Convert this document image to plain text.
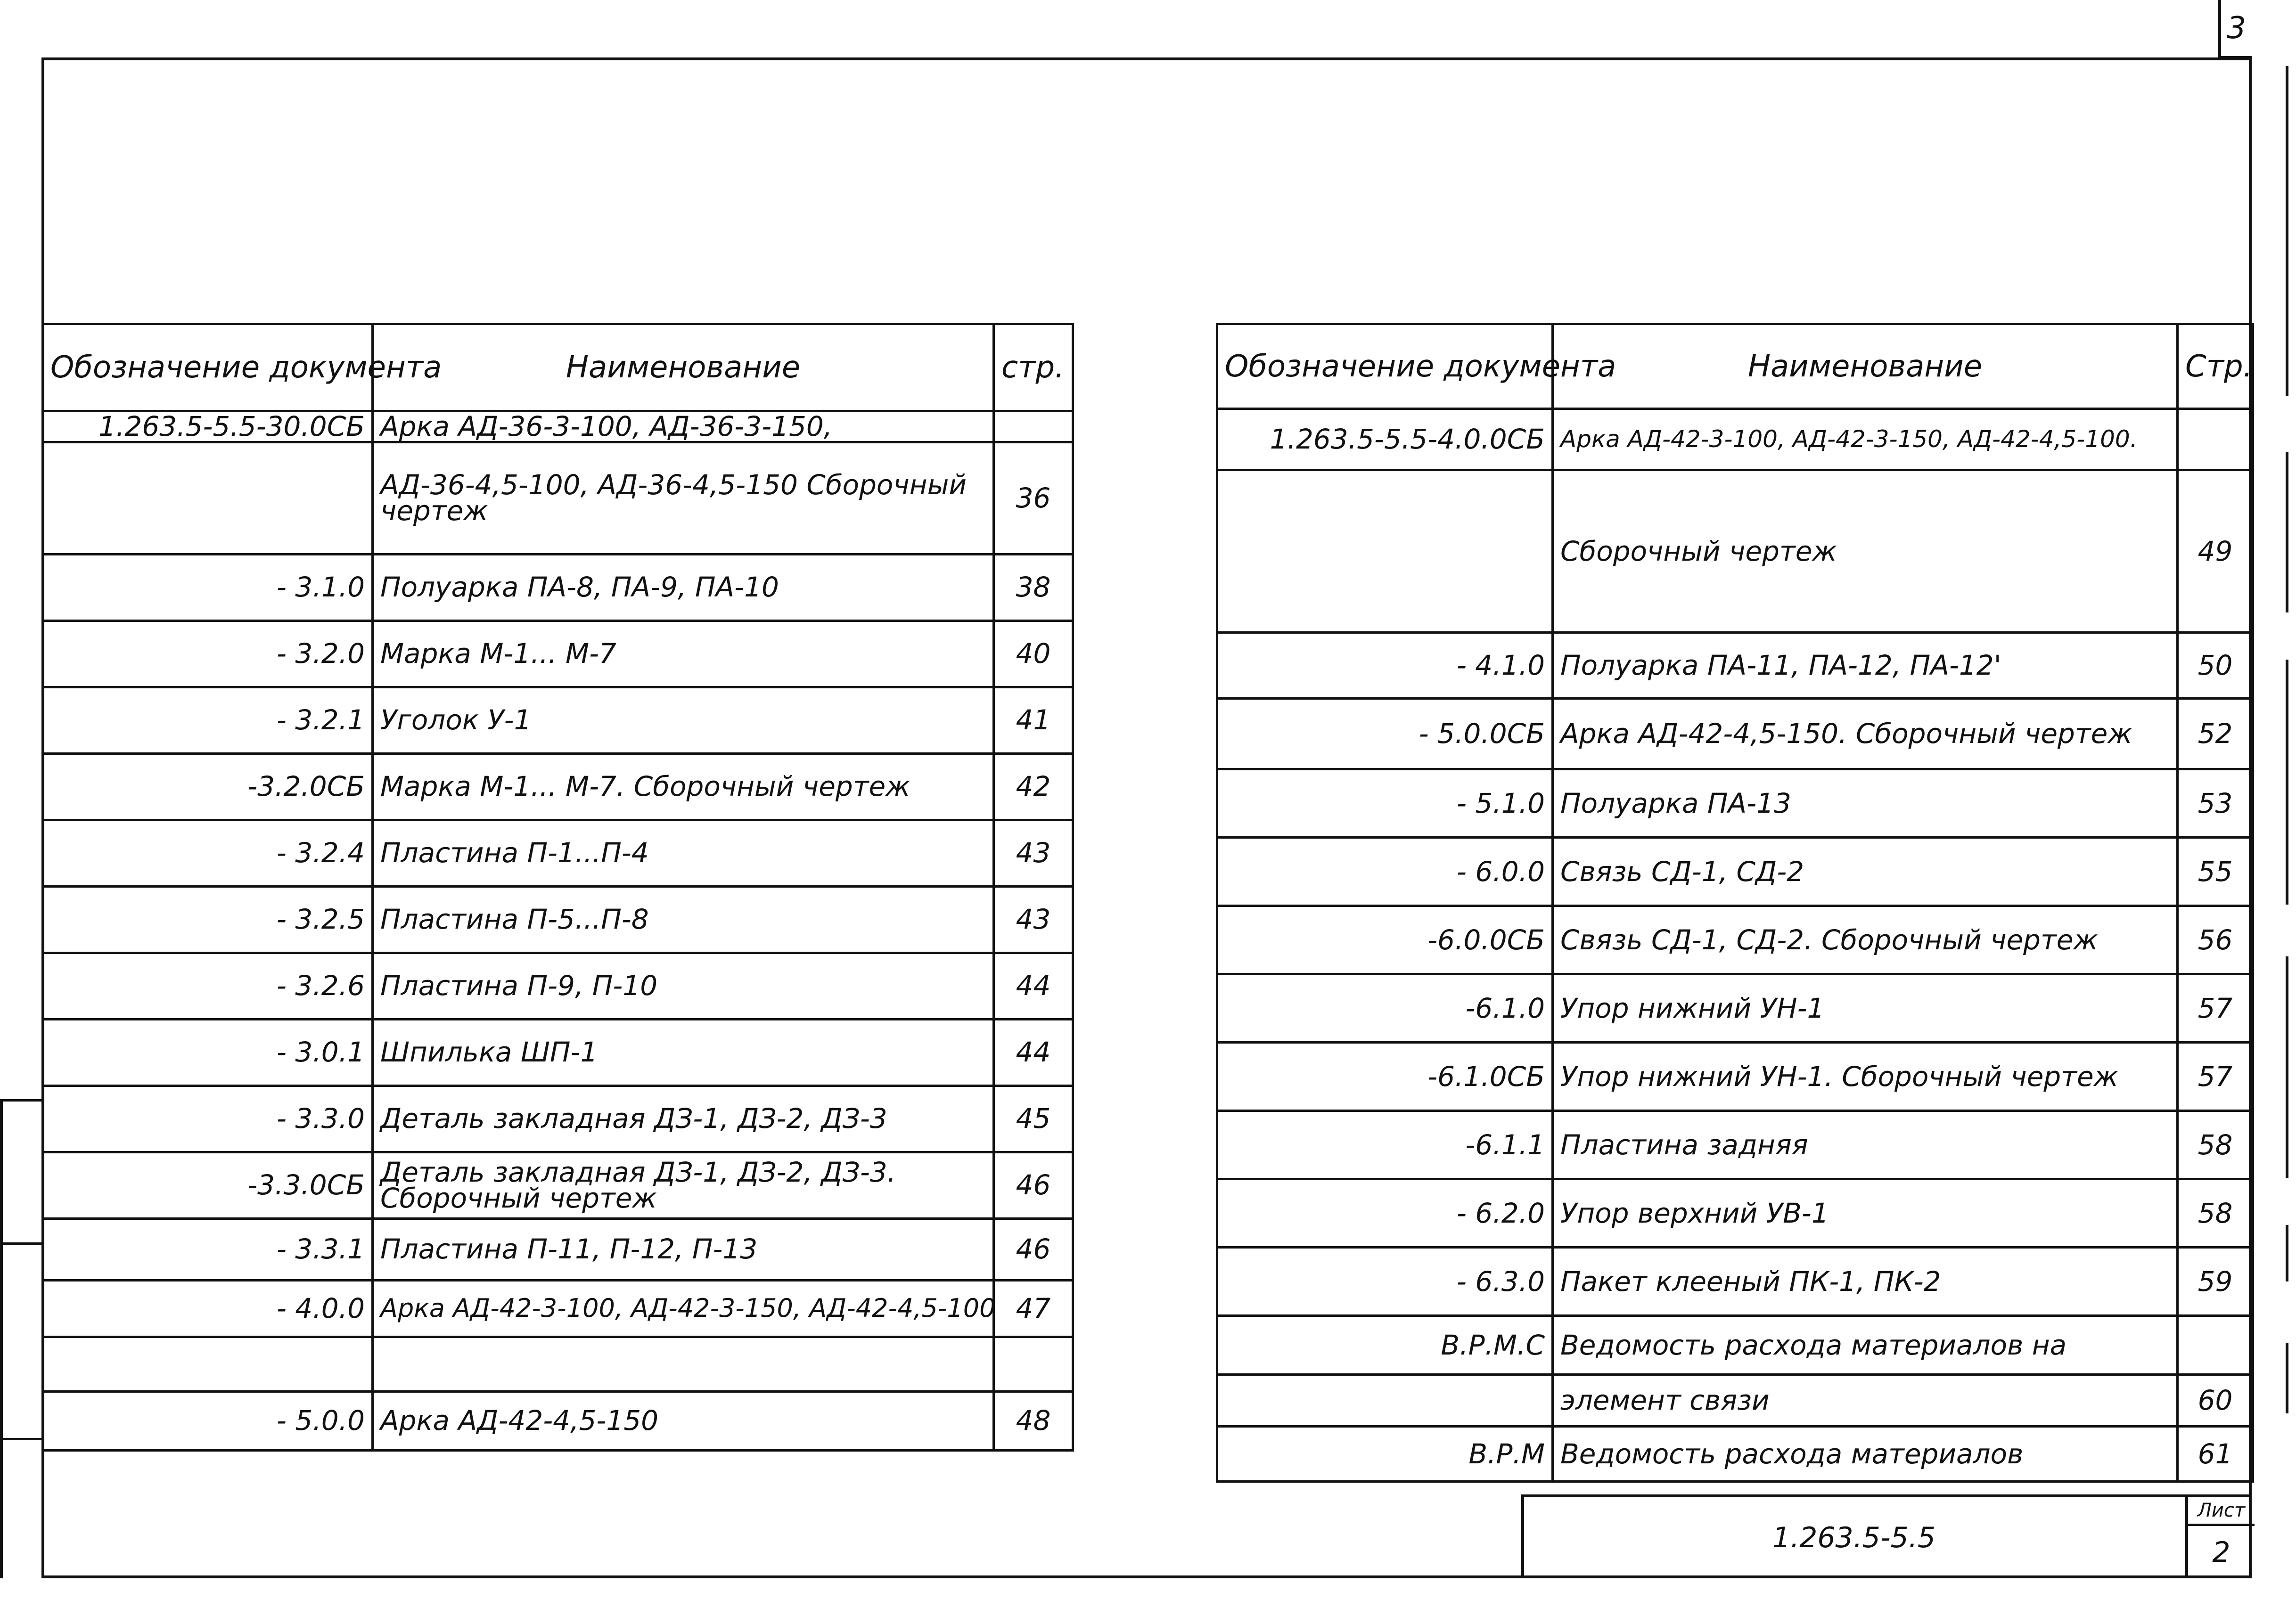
3
Обозначение документа	Наименование	стр.
1.263.5-5.5-30.0СБ	Арка АД-36-3-100, АД-36-3-150,	
	АД-36-4,5-100, АД-36-4,5-150 Сборочный чертеж	36
- 3.1.0	Полуарка ПА-8, ПА-9, ПА-10	38
- 3.2.0	Марка М-1... М-7	40
- 3.2.1	Уголок У-1	41
-3.2.0СБ	Марка М-1... М-7. Сборочный чертеж	42
- 3.2.4	Пластина П-1...П-4	43
- 3.2.5	Пластина П-5...П-8	43
- 3.2.6	Пластина П-9, П-10	44
- 3.0.1	Шпилька ШП-1	44
- 3.3.0	Деталь закладная ДЗ-1, ДЗ-2, ДЗ-3	45
-3.3.0СБ	Деталь закладная ДЗ-1, ДЗ-2, ДЗ-3. Сборочный чертеж	46
- 3.3.1	Пластина П-11, П-12, П-13	46
- 4.0.0	Арка АД-42-3-100, АД-42-3-150, АД-42-4,5-100	47

- 5.0.0	Арка АД-42-4,5-150	48
Обозначение документа	Наименование	Стр.
1.263.5-5.5-4.0.0СБ	Арка АД-42-3-100, АД-42-3-150, АД-42-4,5-100.	
	Сборочный чертеж	49
- 4.1.0	Полуарка ПА-11, ПА-12, ПА-12'	50
- 5.0.0СБ	Арка АД-42-4,5-150. Сборочный чертеж	52
- 5.1.0	Полуарка ПА-13	53
- 6.0.0	Связь СД-1, СД-2	55
-6.0.0СБ	Связь СД-1, СД-2. Сборочный чертеж	56
-6.1.0	Упор нижний УН-1	57
-6.1.0СБ	Упор нижний УН-1. Сборочный чертеж	57
-6.1.1	Пластина задняя	58
- 6.2.0	Упор верхний УВ-1	58
- 6.3.0	Пакет клееный ПК-1, ПК-2	59
В.Р.М.С	Ведомость расхода материалов на	
	элемент связи	60
В.Р.М	Ведомость расхода материалов	61
1.263.5-5.5
Лист
2
